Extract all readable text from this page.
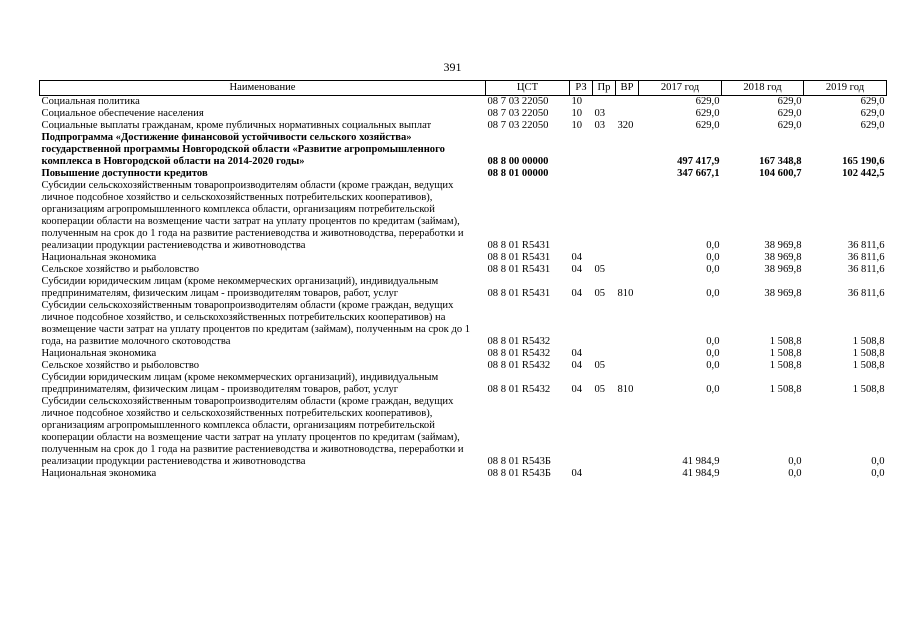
391
Наименование	ЦСТ	РЗ	Пр	ВР	2017 год	2018 год	2019 год
Социальная политика	08 7 03 22050	10			629,0	629,0	629,0
Социальное обеспечение населения	08 7 03 22050	10	03		629,0	629,0	629,0
Социальные выплаты гражданам, кроме публичных нормативных социальных выплат	08 7 03 22050	10	03	320	629,0	629,0	629,0
Подпрограмма «Достижение финансовой устойчивости сельского хозяйства» государственной программы Новгородской области «Развитие агропромышленного комплекса в Новгородской области на 2014-2020 годы»	08 8 00 00000				497 417,9	167 348,8	165 190,6
Повышение доступности кредитов	08 8 01 00000				347 667,1	104 600,7	102 442,5
Субсидии сельскохозяйственным товаропроизводителям области (кроме граждан, ведущих личное подсобное хозяйство и сельскохозяйственных потребительских кооперативов), организациям агропромышленного комплекса области, организациям потребительской кооперации области на возмещение части затрат на уплату процентов по кредитам (займам), полученным на срок до 1 года на развитие растениеводства и животноводства, переработки и реализации продукции растениеводства и животноводства	08 8 01 R5431				0,0	38 969,8	36 811,6
Национальная экономика	08 8 01 R5431	04			0,0	38 969,8	36 811,6
Сельское хозяйство и рыболовство	08 8 01 R5431	04	05		0,0	38 969,8	36 811,6
Субсидии юридическим лицам (кроме некоммерческих организаций), индивидуальным предпринимателям, физическим лицам - производителям товаров, работ, услуг	08 8 01 R5431	04	05	810	0,0	38 969,8	36 811,6
Субсидии сельскохозяйственным товаропроизводителям области (кроме граждан, ведущих личное подсобное хозяйство, и сельскохозяйственных потребительских кооперативов) на возмещение части затрат на уплату процентов по кредитам (займам), полученным на срок до 1 года, на развитие молочного скотоводства	08 8 01 R5432				0,0	1 508,8	1 508,8
Национальная экономика	08 8 01 R5432	04			0,0	1 508,8	1 508,8
Сельское хозяйство и рыболовство	08 8 01 R5432	04	05		0,0	1 508,8	1 508,8
Субсидии юридическим лицам (кроме некоммерческих организаций), индивидуальным предпринимателям, физическим лицам - производителям товаров, работ, услуг	08 8 01 R5432	04	05	810	0,0	1 508,8	1 508,8
Субсидии сельскохозяйственным товаропроизводителям области (кроме граждан, ведущих личное подсобное хозяйство и сельскохозяйственных потребительских кооперативов), организациям агропромышленного комплекса области, организациям потребительской кооперации области на возмещение части затрат на уплату процентов по кредитам (займам), полученным на срок до 1 года на развитие растениеводства и животноводства, переработки и реализации продукции растениеводства и животноводства	08 8 01 R543Б				41 984,9	0,0	0,0
Национальная экономика	08 8 01 R543Б	04			41 984,9	0,0	0,0
